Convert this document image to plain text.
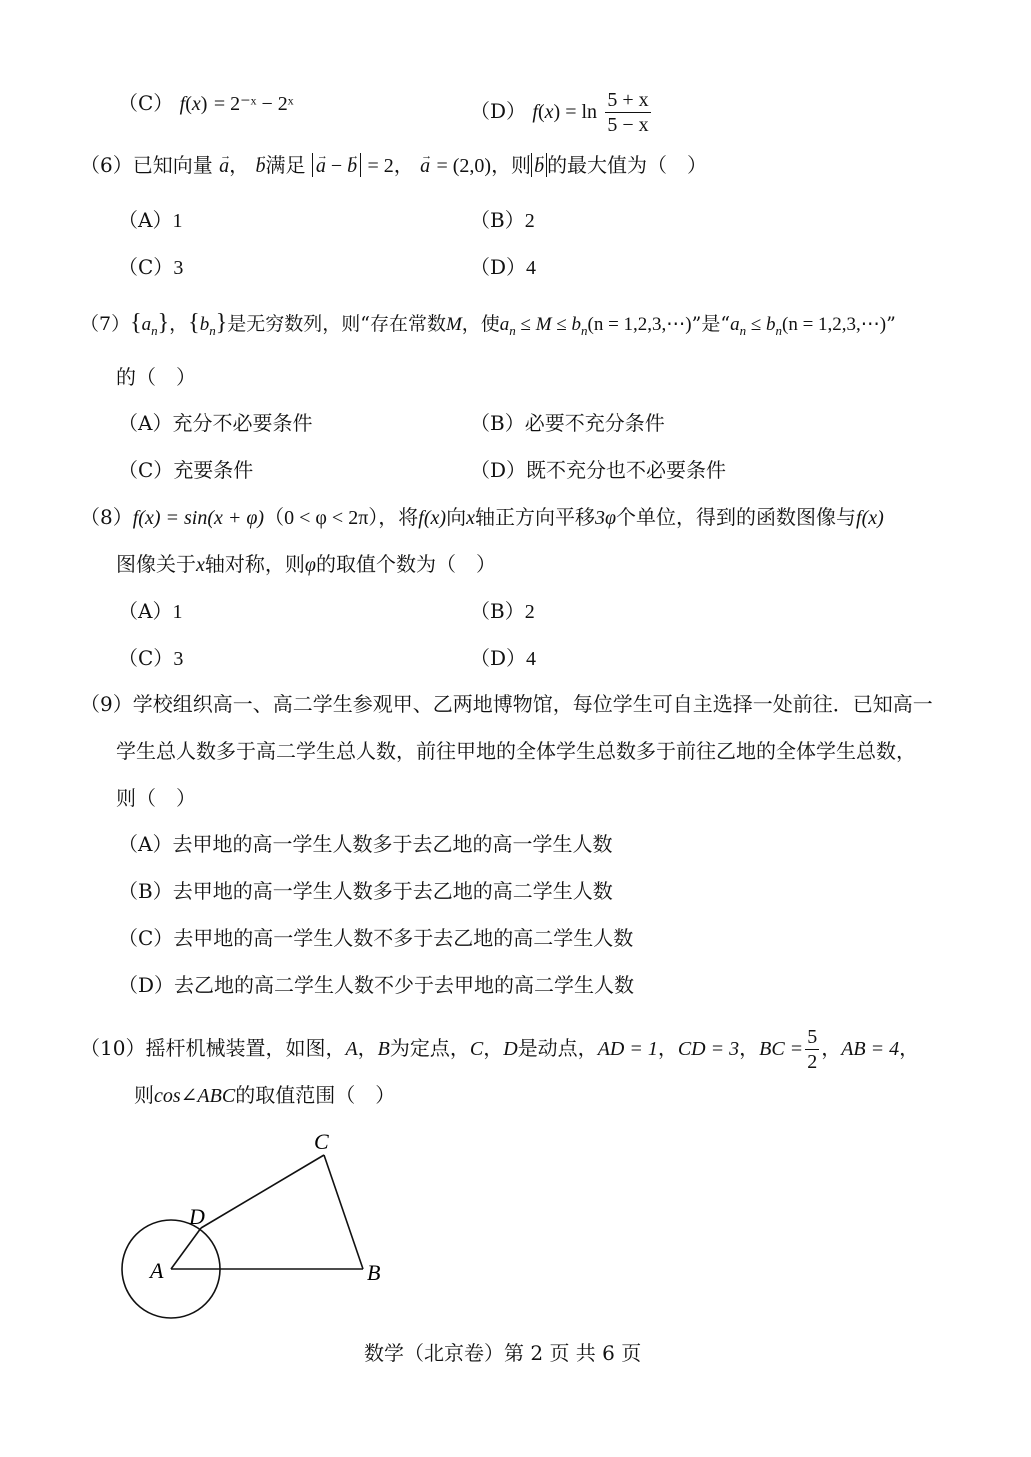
（C） f(x) = 2⁻ˣ − 2ˣ	（D） $f(x) = \ln \frac{5 + x}{5 - x}$
（6）已知向量 → a， → b满足 → a − → b = 2， → a = (2,0)，则 → b 的最大值为（　）
（A）1	（B）2
（C）3	（D）4
$(7)\{a_n\}$，$\{b_n\}$是无穷数列，则“存在常数M，使$a_n \le M \le b_n(n$ = 1,2,3,⋯)”是“$a_n \le b_n(n$ = 1,2,3,⋯)”
的（　）
（A）充分不必要条件	（B）必要不充分条件
（C）充要条件	（D）既不充分也不必要条件
（8）f(x) = sin(x + φ)（0 < φ < 2π），将f(x)向x轴正方向平移3φ个单位，得到的函数图像与f(x)
图像关于x轴对称，则φ的取值个数为（　）
（A）1	（B）2
（C）3	（D）4
（9）学校组织高一、高二学生参观甲、乙两地博物馆，每位学生可自主选择一处前往．已知高一
学生总人数多于高二学生总人数，前往甲地的全体学生总数多于前往乙地的全体学生总数，
则（　）
（A）去甲地的高一学生人数多于去乙地的高一学生人数
（B）去甲地的高一学生人数多于去乙地的高二学生人数
（C）去甲地的高一学生人数不多于去乙地的高二学生人数
（D）去乙地的高二学生人数不少于去甲地的高二学生人数
（10）摇杆机械装置，如图，A，B为定点，C，D是动点，AD = 1，CD = 3，BC = $\frac{5}{2}$ ，AB = 4，
则cos∠ABC的取值范围（　）
A	B
C
D
数学（北京卷）第 2 页 共 6 页
